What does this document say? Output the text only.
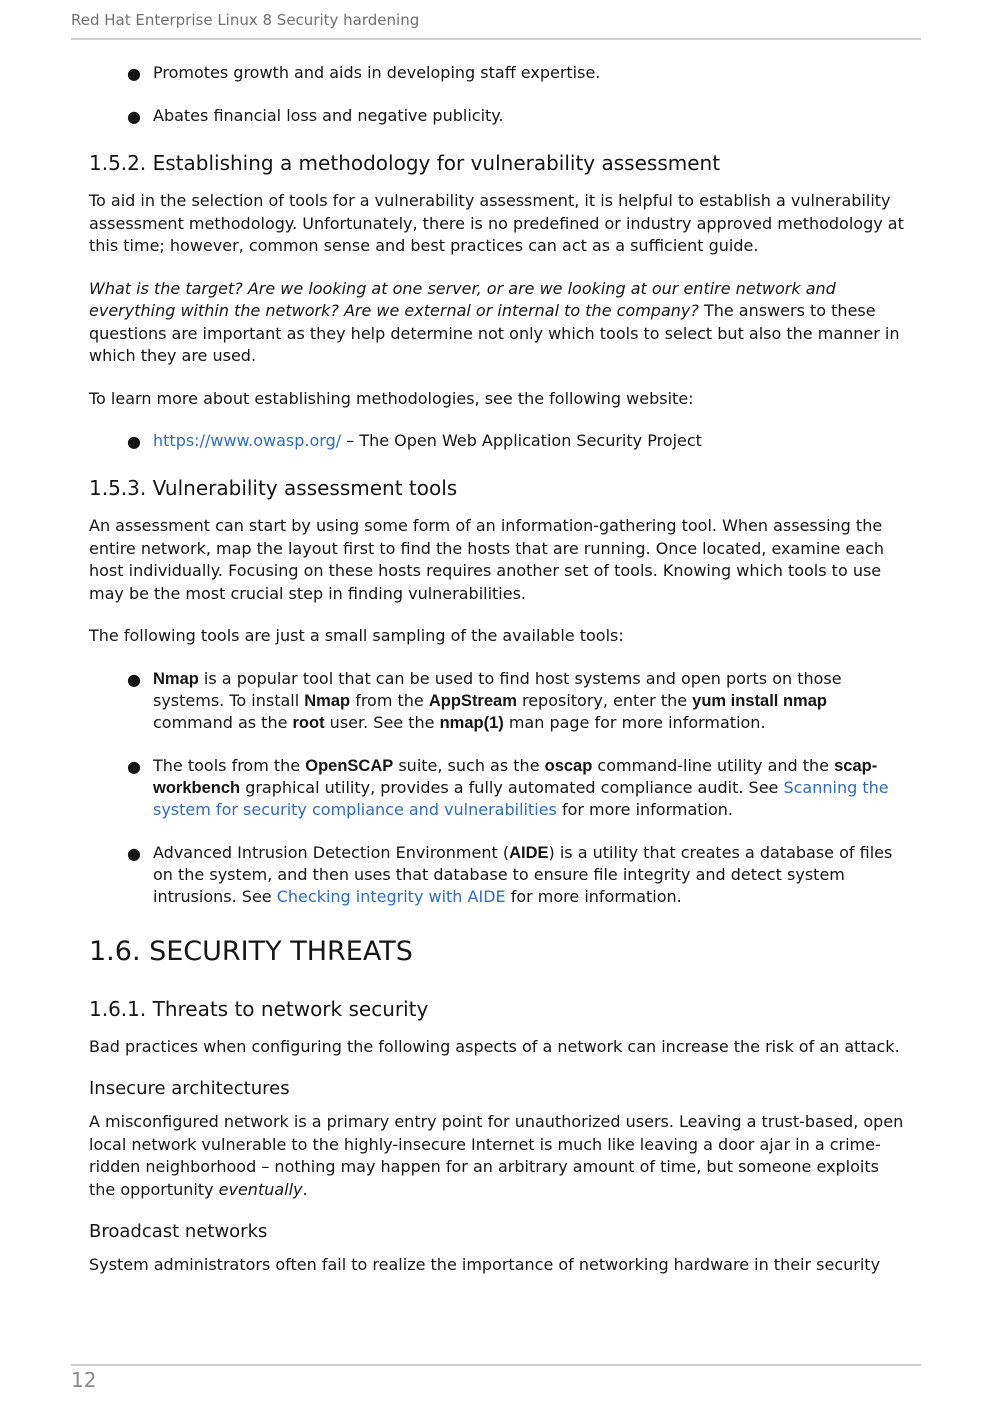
Red Hat Enterprise Linux 8 Security hardening
● Promotes growth and aids in developing staff expertise.
● Abates financial loss and negative publicity.
1.5.2. Establishing a methodology for vulnerability assessment

To aid in the selection of tools for a vulnerability assessment, it is helpful to establish a vulnerability assessment methodology. Unfortunately, there is no predefined or industry approved methodology at this time; however, common sense and best practices can act as a sufficient guide.

What is the target? Are we looking at one server, or are we looking at our entire network and everything within the network? Are we external or internal to the company? The answers to these questions are important as they help determine not only which tools to select but also the manner in which they are used.

To learn more about establishing methodologies, see the following website:

● https://www.owasp.org/ – The Open Web Application Security Project
1.5.3. Vulnerability assessment tools

An assessment can start by using some form of an information-gathering tool. When assessing the entire network, map the layout first to find the hosts that are running. Once located, examine each host individually. Focusing on these hosts requires another set of tools. Knowing which tools to use may be the most crucial step in finding vulnerabilities.

The following tools are just a small sampling of the available tools:

● Nmap is a popular tool that can be used to find host systems and open ports on those systems. To install Nmap from the AppStream repository, enter the yum install nmap command as the root user. See the nmap(1) man page for more information.
● The tools from the OpenSCAP suite, such as the oscap command-line utility and the scap-workbench graphical utility, provides a fully automated compliance audit. See Scanning the system for security compliance and vulnerabilities for more information.
● Advanced Intrusion Detection Environment (AIDE) is a utility that creates a database of files on the system, and then uses that database to ensure file integrity and detect system intrusions. See Checking integrity with AIDE for more information.
1.6. SECURITY THREATS
1.6.1. Threats to network security

Bad practices when configuring the following aspects of a network can increase the risk of an attack.

Insecure architectures

A misconfigured network is a primary entry point for unauthorized users. Leaving a trust-based, open local network vulnerable to the highly-insecure Internet is much like leaving a door ajar in a crime-ridden neighborhood – nothing may happen for an arbitrary amount of time, but someone exploits the opportunity eventually.

Broadcast networks

System administrators often fail to realize the importance of networking hardware in their security

12
